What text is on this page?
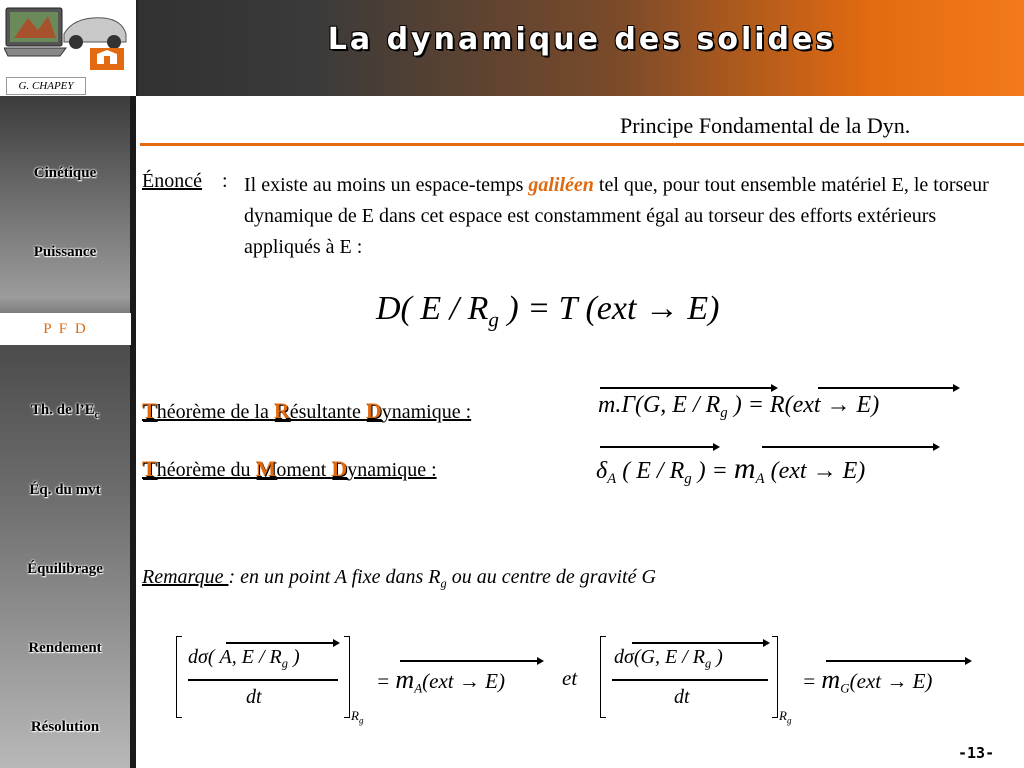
G. CHAPEY
La dynamique des solides
Cinétique
Puissance
P F D
Th. de $l’E_c$
Éq. du mvt
Équilibrage
Rendement
Résolution
Principe Fondamental de la Dyn.
Énoncé : Il existe au moins un espace-temps galiléen tel que, pour tout ensemble matériel E, le torseur dynamique de E dans cet espace est constamment égal au torseur des efforts extérieurs appliqués à E :
D( E / $R_g$ ) = T (ext → E)
Théorème de la Résultante Dynamique :	m.Γ(G, E / $R_g$ ) = R(ext → E)
Théorème du Moment Dynamique :	$\delta_A$ ( E / $R_g$ ) = $m_A$ (ext → E)
Remarque : en un point A fixe dans $R_g$ ou au centre de gravité G
dσ( A, E / $R_g$ )
dt
$R_g$
= $m_A(ext \to E)$	et
dσ(G, E / $R_g$ )
dt
$R_g$
= $m_G(ext \to E)$
-13-
